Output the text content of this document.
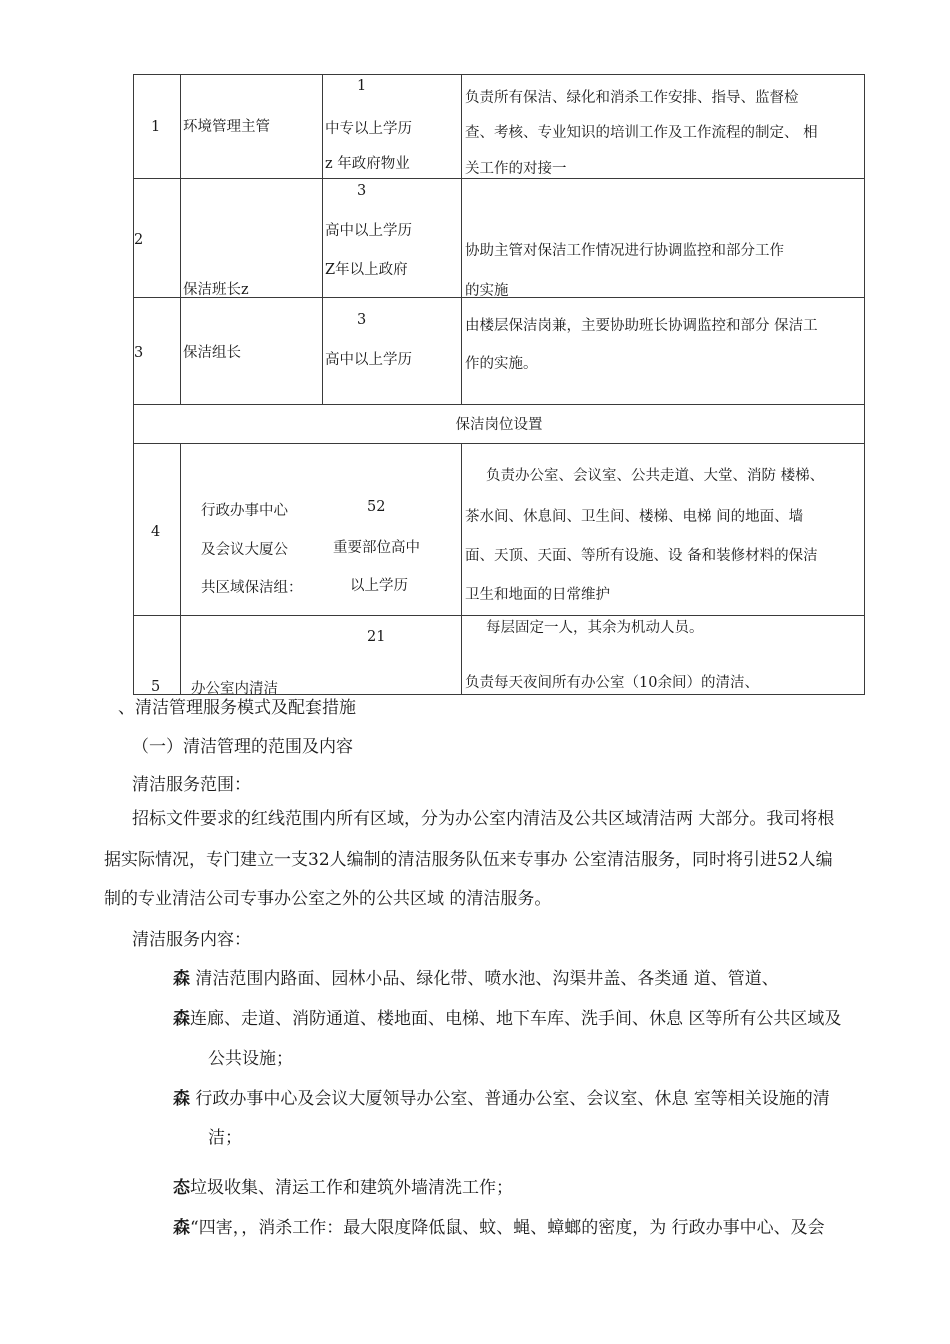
1 环境管理主管
1
中专以上学历
z 年政府物业
负责所有保洁、绿化和消杀工作安排、指导、监督检
查、考核、专业知识的培训工作及工作流程的制定、 相
关工作的对接一
2
保洁班长z
3
高中以上学历
Z年以上政府
协助主管对保洁工作情况进行协调监控和部分工作
的实施
3	保洁组长
3
高中以上学历
由楼层保洁岗兼，主要协助班长协调监控和部分 保洁工
作的实施。
保洁岗位设置
4
行政办事中心
及会议大厦公
共区域保洁组：
52
重要部位高中
以上学历
负责办公室、会议室、公共走道、大堂、消防 楼梯、
茶水间、休息间、卫生间、楼梯、电梯 间的地面、墙
面、天顶、天面、等所有设施、设 备和装修材料的保洁
卫生和地面的日常维护
5 办公室内清洁
21
每层固定一人，其余为机动人员。
负责每天夜间所有办公室（10余间）的清洁、
、清洁管理服务模式及配套措施
（一）清洁管理的范围及内容
清洁服务范围：
招标文件要求的红线范围内所有区域，分为办公室内清洁及公共区域清洁两 大部分。我司将根
据实际情况，专门建立一支32人编制的清洁服务队伍来专事办 公室清洁服务，同时将引进52人编
制的专业清洁公司专事办公室之外的公共区域 的清洁服务。
清洁服务内容：
森 清洁范围内路面、园林小品、绿化带、喷水池、沟渠井盖、各类通 道、管道、
森连廊、走道、消防通道、楼地面、电梯、地下车库、洗手间、休息 区等所有公共区域及
公共设施；
森 行政办事中心及会议大厦领导办公室、普通办公室、会议室、休息 室等相关设施的清
洁；
态垃圾收集、清运工作和建筑外墙清洗工作；
森“四害，，消杀工作：最大限度降低鼠、蚊、蝇、蟑螂的密度，为 行政办事中心、及会
